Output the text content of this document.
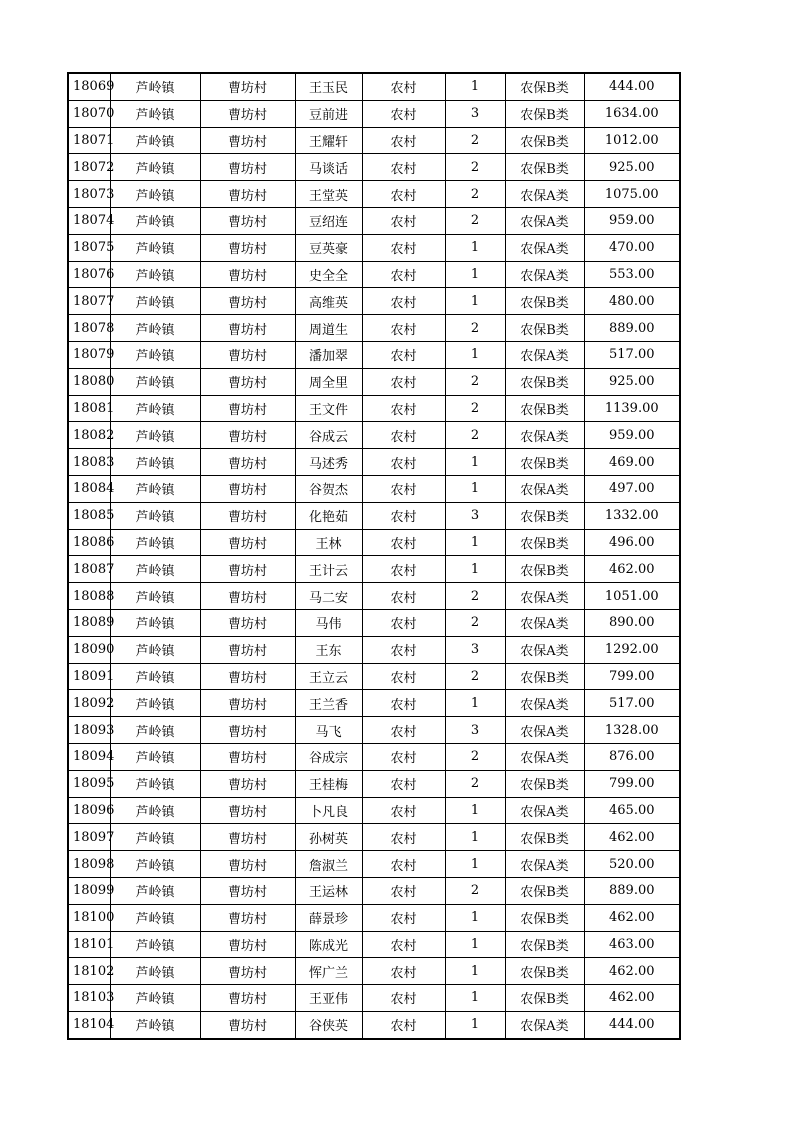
18069	芦岭镇	曹坊村	王玉民	农村	1	农保B类	444.00
18070	芦岭镇	曹坊村	豆前进	农村	3	农保B类	1634.00
18071	芦岭镇	曹坊村	王耀轩	农村	2	农保B类	1012.00
18072	芦岭镇	曹坊村	马谈话	农村	2	农保B类	925.00
18073	芦岭镇	曹坊村	王堂英	农村	2	农保A类	1075.00
18074	芦岭镇	曹坊村	豆绍连	农村	2	农保A类	959.00
18075	芦岭镇	曹坊村	豆英豪	农村	1	农保A类	470.00
18076	芦岭镇	曹坊村	史全全	农村	1	农保A类	553.00
18077	芦岭镇	曹坊村	高维英	农村	1	农保B类	480.00
18078	芦岭镇	曹坊村	周道生	农村	2	农保B类	889.00
18079	芦岭镇	曹坊村	潘加翠	农村	1	农保A类	517.00
18080	芦岭镇	曹坊村	周全里	农村	2	农保B类	925.00
18081	芦岭镇	曹坊村	王文件	农村	2	农保B类	1139.00
18082	芦岭镇	曹坊村	谷成云	农村	2	农保A类	959.00
18083	芦岭镇	曹坊村	马述秀	农村	1	农保B类	469.00
18084	芦岭镇	曹坊村	谷贺杰	农村	1	农保A类	497.00
18085	芦岭镇	曹坊村	化艳茹	农村	3	农保B类	1332.00
18086	芦岭镇	曹坊村	王林	农村	1	农保B类	496.00
18087	芦岭镇	曹坊村	王计云	农村	1	农保B类	462.00
18088	芦岭镇	曹坊村	马二安	农村	2	农保A类	1051.00
18089	芦岭镇	曹坊村	马伟	农村	2	农保A类	890.00
18090	芦岭镇	曹坊村	王东	农村	3	农保A类	1292.00
18091	芦岭镇	曹坊村	王立云	农村	2	农保B类	799.00
18092	芦岭镇	曹坊村	王兰香	农村	1	农保A类	517.00
18093	芦岭镇	曹坊村	马飞	农村	3	农保A类	1328.00
18094	芦岭镇	曹坊村	谷成宗	农村	2	农保A类	876.00
18095	芦岭镇	曹坊村	王桂梅	农村	2	农保B类	799.00
18096	芦岭镇	曹坊村	卜凡良	农村	1	农保A类	465.00
18097	芦岭镇	曹坊村	孙树英	农村	1	农保B类	462.00
18098	芦岭镇	曹坊村	詹淑兰	农村	1	农保A类	520.00
18099	芦岭镇	曹坊村	王运林	农村	2	农保B类	889.00
18100	芦岭镇	曹坊村	薛景珍	农村	1	农保B类	462.00
18101	芦岭镇	曹坊村	陈成光	农村	1	农保B类	463.00
18102	芦岭镇	曹坊村	恽广兰	农村	1	农保B类	462.00
18103	芦岭镇	曹坊村	王亚伟	农村	1	农保B类	462.00
18104	芦岭镇	曹坊村	谷侠英	农村	1	农保A类	444.00
